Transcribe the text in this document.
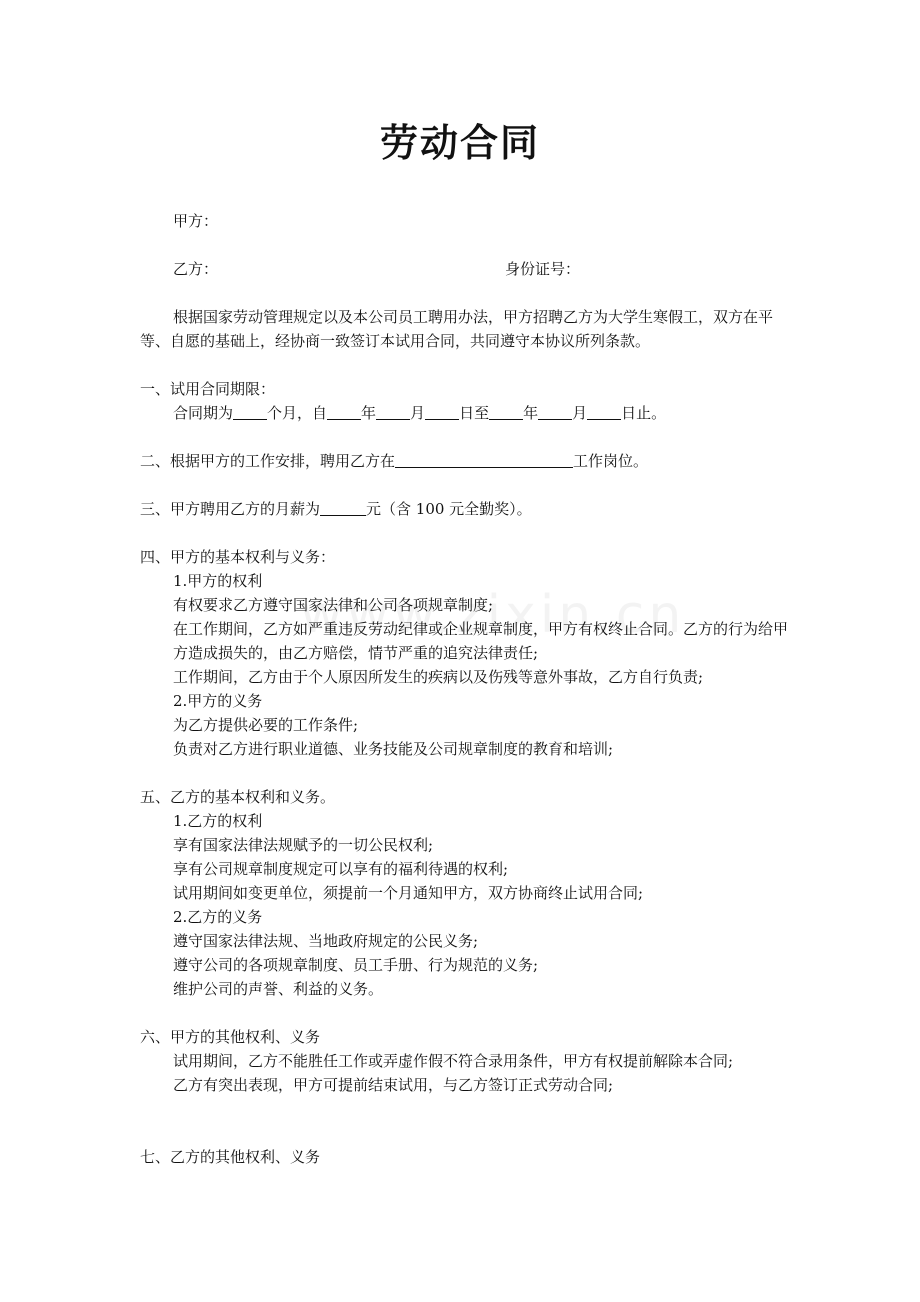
劳动合同
甲方：
乙方：	身份证号：
根据国家劳动管理规定以及本公司员工聘用办法，甲方招聘乙方为大学生寒假工，双方在平等、自愿的基础上，经协商一致签订本试用合同，共同遵守本协议所列条款。
一、试用合同期限：
合同期为 个月，自 年 月 日至 年 月 日止。
二、根据甲方的工作安排，聘用乙方在	工作岗位。
三、甲方聘用乙方的月薪为	元（含 100 元全勤奖）。
四、甲方的基本权利与义务：
1.甲方的权利
有权要求乙方遵守国家法律和公司各项规章制度;
在工作期间，乙方如严重违反劳动纪律或企业规章制度，甲方有权终止合同。乙方的行为给甲方造成损失的，由乙方赔偿，情节严重的追究法律责任;
工作期间，乙方由于个人原因所发生的疾病以及伤残等意外事故，乙方自行负责;
2.甲方的义务
为乙方提供必要的工作条件;
负责对乙方进行职业道德、业务技能及公司规章制度的教育和培训;
五、乙方的基本权利和义务。
1.乙方的权利
享有国家法律法规赋予的一切公民权利;
享有公司规章制度规定可以享有的福利待遇的权利;
试用期间如变更单位，须提前一个月通知甲方，双方协商终止试用合同;
2.乙方的义务
遵守国家法律法规、当地政府规定的公民义务;
遵守公司的各项规章制度、员工手册、行为规范的义务;
维护公司的声誉、利益的义务。
六、甲方的其他权利、义务
试用期间，乙方不能胜任工作或弄虚作假不符合录用条件，甲方有权提前解除本合同;
乙方有突出表现，甲方可提前结束试用，与乙方签订正式劳动合同;
七、乙方的其他权利、义务
